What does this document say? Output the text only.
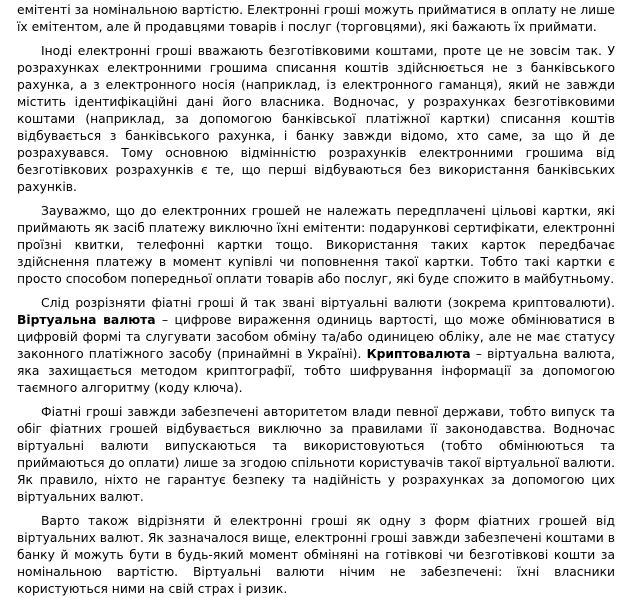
емітенті за номінальною вартістю. Електронні гроші можуть прийматися в оплату не лише їх емітентом, але й продавцями товарів і послуг (торговцями), які бажають їх приймати.

Іноді електронні гроші вважають безготівковими коштами, проте це не зовсім так. У розрахунках електронними грошима списання коштів здійснюється не з банківського рахунка, а з електронного носія (наприклад, із електронного гаманця), який не завжди містить ідентифікаційні дані його власника. Водночас, у розрахунках безготівковими коштами (наприклад, за допомогою банківської платіжної картки) списання коштів відбувається з банківського рахунка, і банку завжди відомо, хто саме, за що й де розрахувався. Тому основною відмінністю розрахунків електронними грошима від безготівкових розрахунків є те, що перші відбуваються без використання банківських рахунків.

Зауважмо, що до електронних грошей не належать передплачені цільові картки, які приймають як засіб платежу виключно їхні емітенти: подарункові сертифікати, електронні проїзні квитки, телефонні картки тощо. Використання таких карток передбачає здійснення платежу в момент купівлі чи поповнення такої картки. Тобто такі картки є просто способом попередньої оплати товарів або послуг, які буде спожито в майбутньому.

Слід розрізняти фіатні гроші й так звані віртуальні валюти (зокрема криптовалюти). Віртуальна валюта – цифрове вираження одиниць вартості, що може обмінюватися в цифровій формі та слугувати засобом обміну та/або одиницею обліку, але не має статусу законного платіжного засобу (принаймні в Україні). Криптовалюта – віртуальна валюта, яка захищається методом криптографії, тобто шифрування інформації за допомогою таємного алгоритму (коду ключа).

Фіатні гроші завжди забезпечені авторитетом влади певної держави, тобто випуск та обіг фіатних грошей відбувається виключно за правилами її законодавства. Водночас віртуальні валюти випускаються та використовуються (тобто обмінюються та приймаються до оплати) лише за згодою спільноти користувачів такої віртуальної валюти. Як правило, ніхто не гарантує безпеку та надійність у розрахунках за допомогою цих віртуальних валют.

Варто також відрізняти й електронні гроші як одну з форм фіатних грошей від віртуальних валют. Як зазначалося вище, електронні гроші завжди забезпечені коштами в банку й можуть бути в будь-який момент обміняні на готівкові чи безготівкові кошти за номінальною вартістю. Віртуальні валюти нічим не забезпечені: їхні власники користуються ними на свій страх і ризик.
